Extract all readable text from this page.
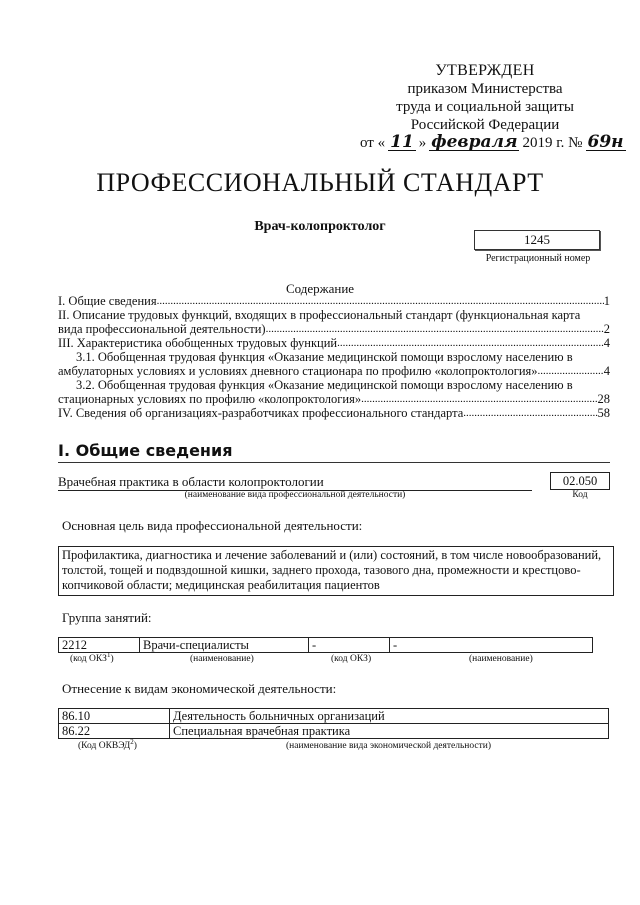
УТВЕРЖДЕН
приказом Министерства
труда и социальной защиты
Российской Федерации
от « 11 » февраля 2019 г. № 69н
ПРОФЕССИОНАЛЬНЫЙ СТАНДАРТ
Врач-колопроктолог
1245
Регистрационный номер
Содержание
I. Общие сведения .....	1
II. Описание трудовых функций, входящих в профессиональный стандарт (функциональная карта
вида профессиональной деятельности) .....	2
III. Характеристика обобщенных трудовых функций .....	4
3.1. Обобщенная трудовая функция «Оказание медицинской помощи взрослому населению в
амбулаторных условиях и условиях дневного стационара по профилю «колопроктология» .....	4
3.2. Обобщенная трудовая функция «Оказание медицинской помощи взрослому населению в
стационарных условиях по профилю «колопроктология» .....	28
IV. Сведения об организациях-разработчиках профессионального стандарта .....	58
I. Общие сведения
Врачебная практика в области колопроктологии
(наименование вида профессиональной деятельности)
02.050
Код
Основная цель вида профессиональной деятельности:
Профилактика, диагностика и лечение заболеваний и (или) состояний, в том числе новообразований, толстой, тощей и подвздошной кишки, заднего прохода, тазового дна, промежности и крестцово-копчиковой области; медицинская реабилитация пациентов
Группа занятий:
2212	Врачи-специалисты	-	-
(код ОКЗ$^1$)	(наименование)	(код ОКЗ)	(наименование)
Отнесение к видам экономической деятельности:
86.10	Деятельность больничных организаций
86.22	Специальная врачебная практика
(Код ОКВЭД$^2$)	(наименование вида экономической деятельности)
